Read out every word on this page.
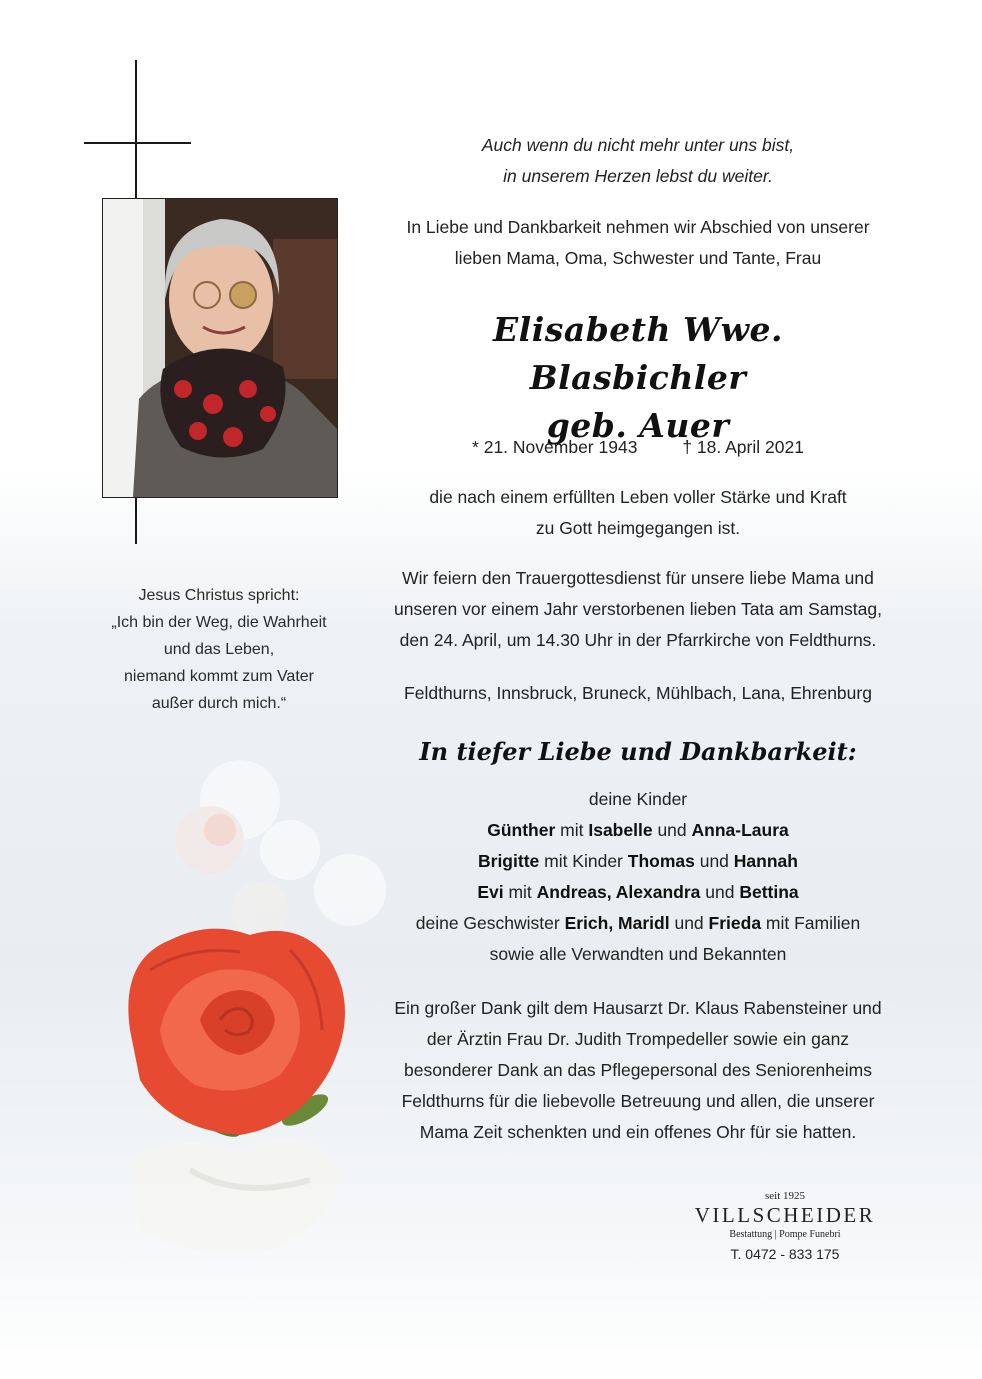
Jesus Christus spricht:
„Ich bin der Weg, die Wahrheit
und das Leben,
niemand kommt zum Vater
außer durch mich.“
Auch wenn du nicht mehr unter uns bist,
in unserem Herzen lebst du weiter.
In Liebe und Dankbarkeit nehmen wir Abschied von unserer
lieben Mama, Oma, Schwester und Tante, Frau
Elisabeth Wwe. Blasbichler
geb. Auer
* 21. November 1943	† 18. April 2021
die nach einem erfüllten Leben voller Stärke und Kraft
zu Gott heimgegangen ist.
Wir feiern den Trauergottesdienst für unsere liebe Mama und
unseren vor einem Jahr verstorbenen lieben Tata am Samstag,
den 24. April, um 14.30 Uhr in der Pfarrkirche von Feldthurns.
Feldthurns, Innsbruck, Bruneck, Mühlbach, Lana, Ehrenburg
In tiefer Liebe und Dankbarkeit:
deine Kinder
Günther mit Isabelle und Anna-Laura
Brigitte mit Kinder Thomas und Hannah
Evi mit Andreas, Alexandra und Bettina
deine Geschwister Erich, Maridl und Frieda mit Familien
sowie alle Verwandten und Bekannten
Ein großer Dank gilt dem Hausarzt Dr. Klaus Rabensteiner und
der Ärztin Frau Dr. Judith Trompedeller sowie ein ganz
besonderer Dank an das Pflegepersonal des Seniorenheims
Feldthurns für die liebevolle Betreuung und allen, die unserer
Mama Zeit schenkten und ein offenes Ohr für sie hatten.
seit 1925
VILLSCHEIDER
Bestattung | Pompe Funebri
T. 0472 - 833 175
